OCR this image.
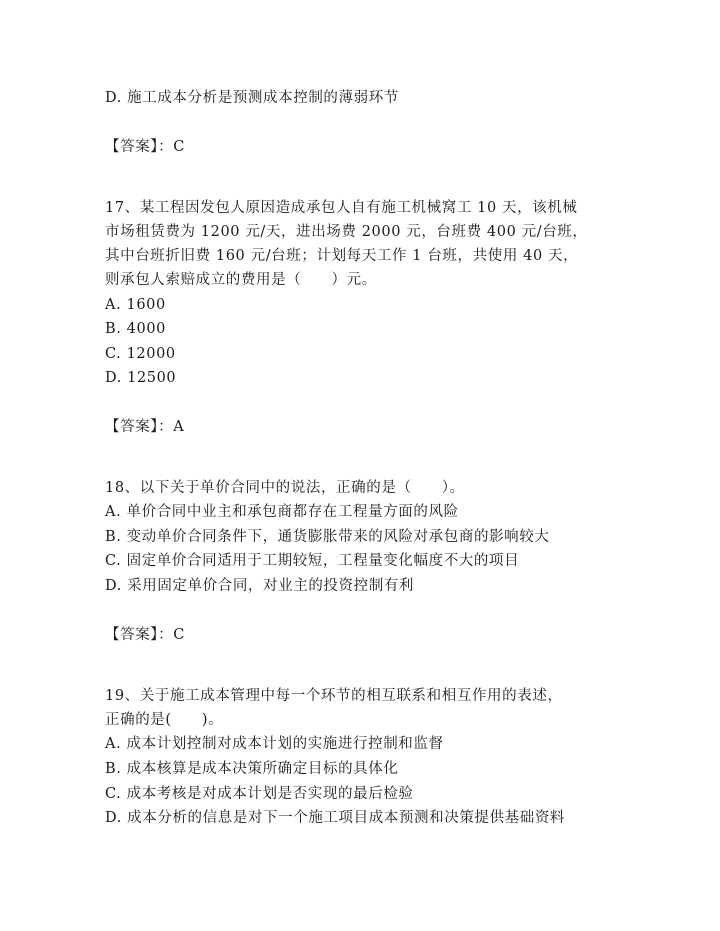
D. 施工成本分析是预测成本控制的薄弱环节
【答案】：C
17、某工程因发包人原因造成承包人自有施工机械窝工 10 天，该机械
市场租赁费为 1200 元/天，进出场费 2000 元，台班费 400 元/台班，
其中台班折旧费 160 元/台班；计划每天工作 1 台班，共使用 40 天，
则承包人索赔成立的费用是（　　）元。
A. 1600
B. 4000
C. 12000
D. 12500
【答案】：A
18、以下关于单价合同中的说法，正确的是（　　）。
A. 单价合同中业主和承包商都存在工程量方面的风险
B. 变动单价合同条件下，通货膨胀带来的风险对承包商的影响较大
C. 固定单价合同适用于工期较短，工程量变化幅度不大的项目
D. 采用固定单价合同，对业主的投资控制有利
【答案】：C
19、关于施工成本管理中每一个环节的相互联系和相互作用的表述，
正确的是(　　)。
A. 成本计划控制对成本计划的实施进行控制和监督
B. 成本核算是成本决策所确定目标的具体化
C. 成本考核是对成本计划是否实现的最后检验
D. 成本分析的信息是对下一个施工项目成本预测和决策提供基础资料
